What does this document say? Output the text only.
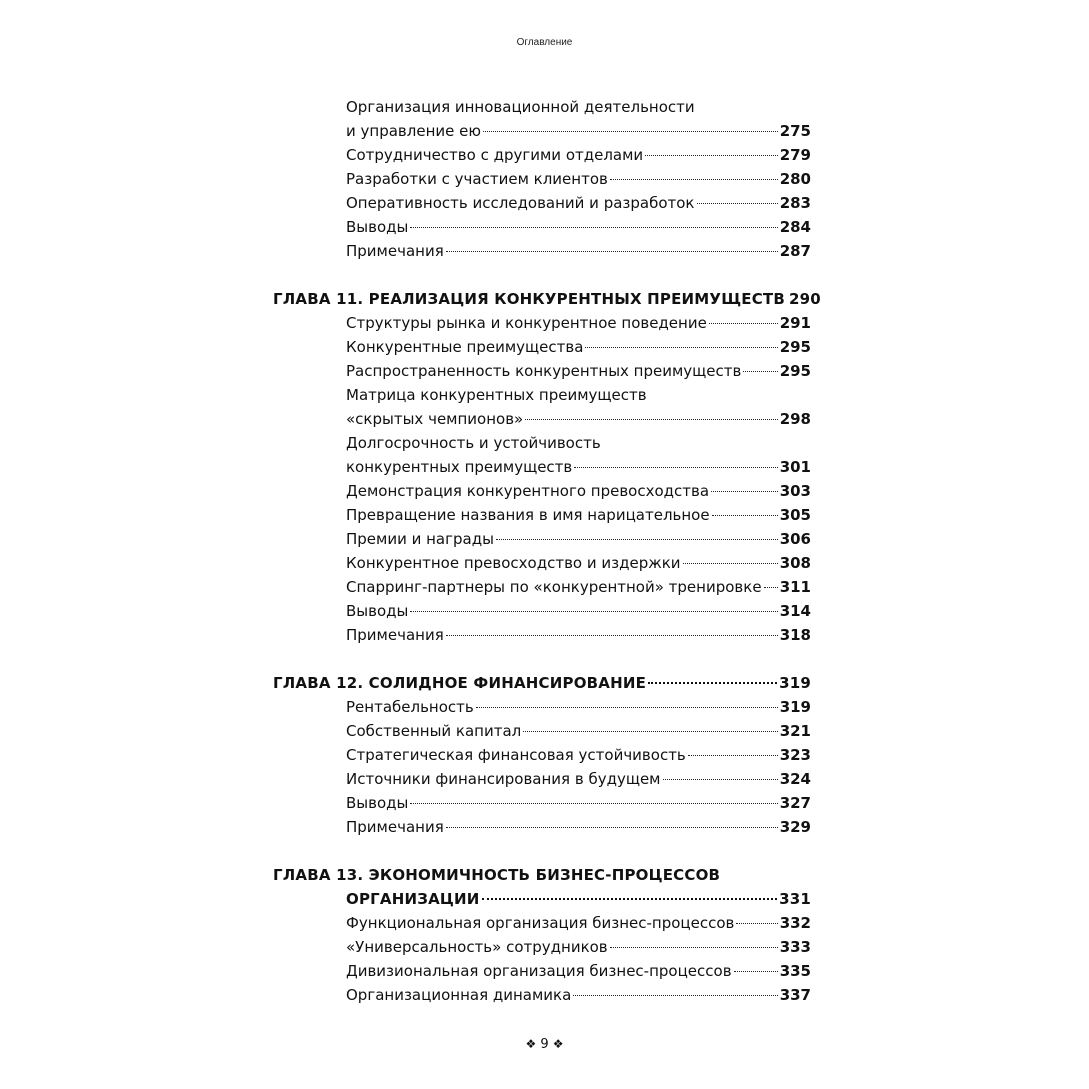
Оглавление
Организация инновационной деятельности
и управление ею	275
Сотрудничество с другими отделами	279
Разработки с участием клиентов	280
Оперативность исследований и разработок	283
Выводы	284
Примечания	287
ГЛАВА 11. РЕАЛИЗАЦИЯ КОНКУРЕНТНЫХ ПРЕИМУЩЕСТВ 290
Структуры рынка и конкурентное поведение	291
Конкурентные преимущества	295
Распространенность конкурентных преимуществ	295
Матрица конкурентных преимуществ
«скрытых чемпионов»	298
Долгосрочность и устойчивость
конкурентных преимуществ	301
Демонстрация конкурентного превосходства	303
Превращение названия в имя нарицательное	305
Премии и награды	306
Конкурентное превосходство и издержки	308
Спарринг-партнеры по «конкурентной» тренировке 311
Выводы	314
Примечания	318
ГЛАВА 12. СОЛИДНОЕ ФИНАНСИРОВАНИЕ	319
Рентабельность	319
Собственный капитал	321
Стратегическая финансовая устойчивость	323
Источники финансирования в будущем	324
Выводы	327
Примечания	329
ГЛАВА 13. ЭКОНОМИЧНОСТЬ БИЗНЕС-ПРОЦЕССОВ
ОРГАНИЗАЦИИ	331
Функциональная организация бизнес-процессов	332
«Универсальность» сотрудников	333
Дивизиональная организация бизнес-процессов	335
Организационная динамика	337
❖ 9 ❖
